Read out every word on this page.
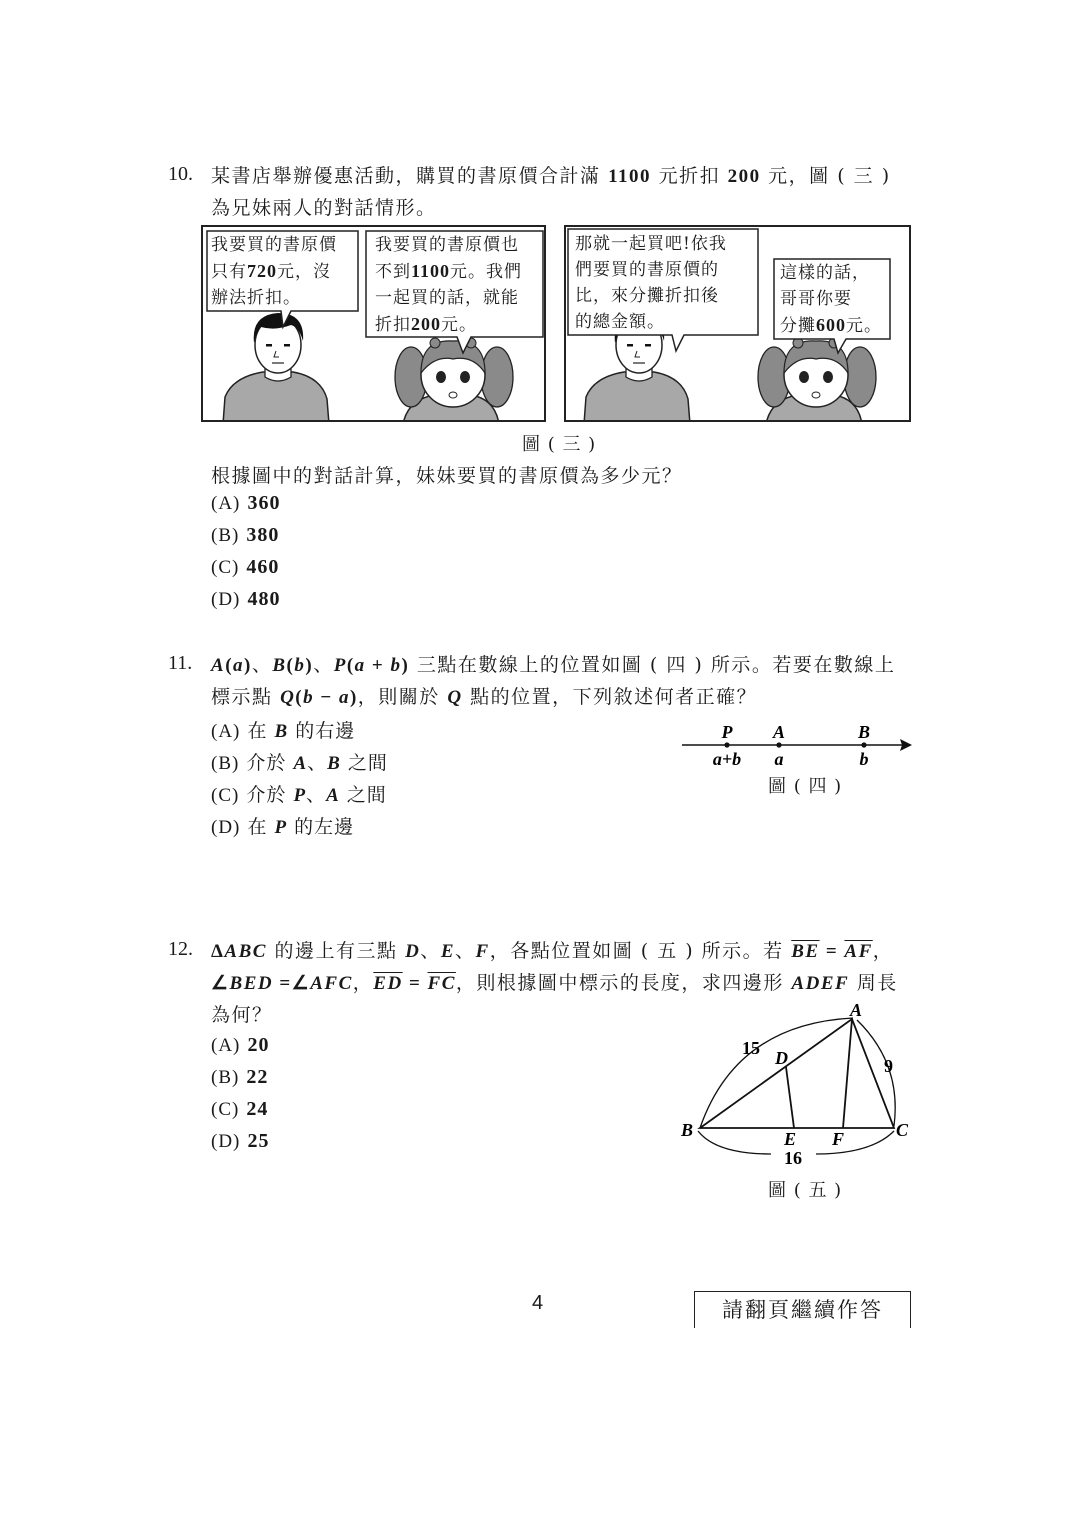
10. 某書店舉辦優惠活動，購買的書原價合計滿 1100 元折扣 200 元，圖 ( 三 )
為兄妹兩人的對話情形。
我要買的書原價
只有720元，沒
辦法折扣。
我要買的書原價也
不到1100元。我們
一起買的話，就能
折扣200元。
那就一起買吧!依我
們要買的書原價的
比，來分攤折扣後
的總金額。
這樣的話，
哥哥你要
分攤600元。
圖 ( 三 )
根據圖中的對話計算，妹妹要買的書原價為多少元？
(A) 360
(B) 380
(C) 460
(D) 480
11. A(a)、B(b)、P(a + b) 三點在數線上的位置如圖 ( 四 ) 所示。若要在數線上
標示點 Q(b − a)，則關於 Q 點的位置，下列敘述何者正確？
(A) 在 B 的右邊
(B) 介於 A、B 之間
(C) 介於 P、A 之間
(D) 在 P 的左邊
P A	B
a+b a	b
圖 ( 四 )
12. ΔABC 的邊上有三點 D、E、F，各點位置如圖 ( 五 ) 所示。若 $\overline{BE} = \overline{AF}$，
∠BED =∠AFC，$\overline{ED} = \overline{FC}$，則根據圖中標示的長度，求四邊形 ADEF 周長
為何？
(A) 20
(B) 22
(C) 24
(D) 25
A
B	C
D
E F
15
9
16
圖 ( 五 )
4	請翻頁繼續作答
